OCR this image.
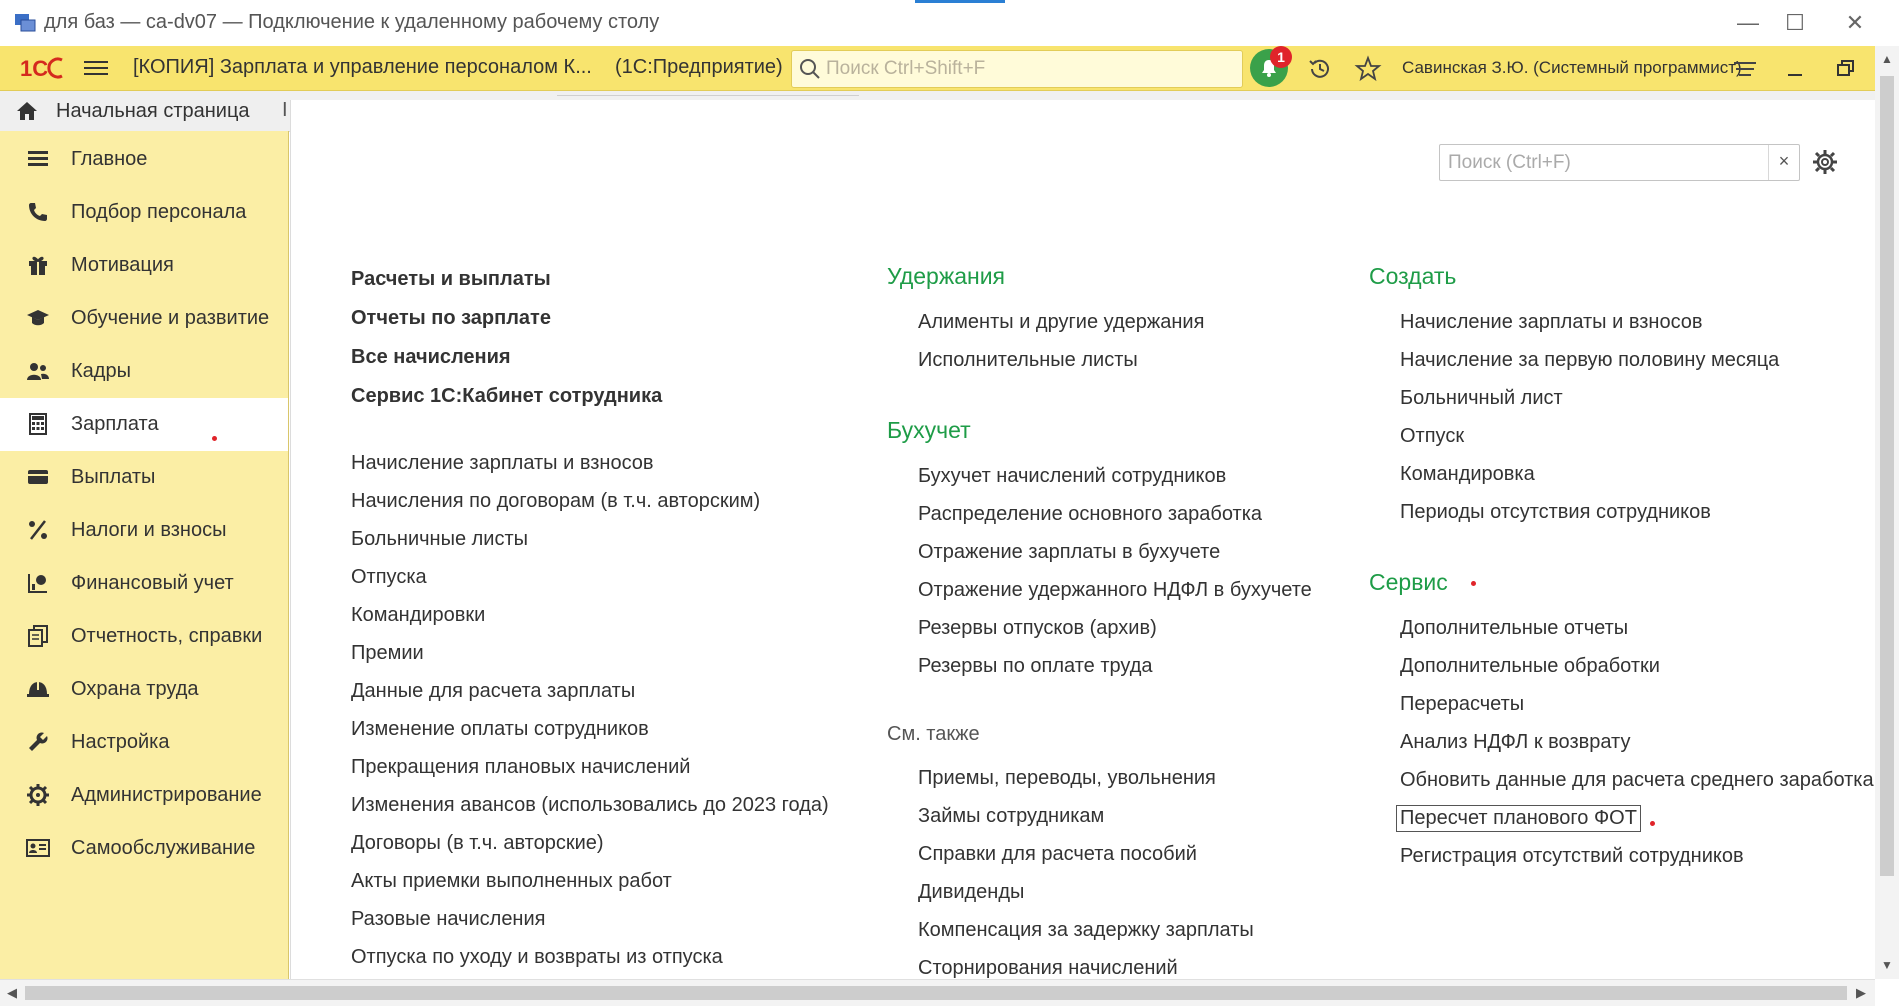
для баз — ca-dv07 — Подключение к удаленному рабочему столу	—	☐	✕
1С	[КОПИЯ] Зарплата и управление персоналом К... (1С:Предприятие)
Поиск Ctrl+Shift+F	1
Савинская З.Ю. (Системный программист)
Начальная страница I
Главное
Подбор персонала
Мотивация
Обучение и развитие
Кадры
Зарплата
Выплаты
Налоги и взносы
Финансовый учет
Отчетность, справки
Охрана труда
Настройка
Администрирование
Самообслуживание
Поиск (Ctrl+F)
×
Расчеты и выплаты
Отчеты по зарплате
Все начисления
Сервис 1С:Кабинет сотрудника
Начисление зарплаты и взносов
Начисления по договорам (в т.ч. авторским)
Больничные листы
Отпуска
Командировки
Премии
Данные для расчета зарплаты
Изменение оплаты сотрудников
Прекращения плановых начислений
Изменения авансов (использовались до 2023 года)
Договоры (в т.ч. авторские)
Акты приемки выполненных работ
Разовые начисления
Отпуска по уходу и возвраты из отпуска
Удержания
Алименты и другие удержания
Исполнительные листы
Бухучет
Бухучет начислений сотрудников
Распределение основного заработка
Отражение зарплаты в бухучете
Отражение удержанного НДФЛ в бухучете
Резервы отпусков (архив)
Резервы по оплате труда
См. также
Приемы, переводы, увольнения
Займы сотрудникам
Справки для расчета пособий
Дивиденды
Компенсация за задержку зарплаты
Сторнирования начислений
Создать
Начисление зарплаты и взносов
Начисление за первую половину месяца
Больничный лист
Отпуск
Командировка
Периоды отсутствия сотрудников
Сервис
Дополнительные отчеты
Дополнительные обработки
Перерасчеты
Анализ НДФЛ к возврату
Обновить данные для расчета среднего заработка
Пересчет планового ФОТ
Регистрация отсутствий сотрудников
▲
▼
◀	▶
